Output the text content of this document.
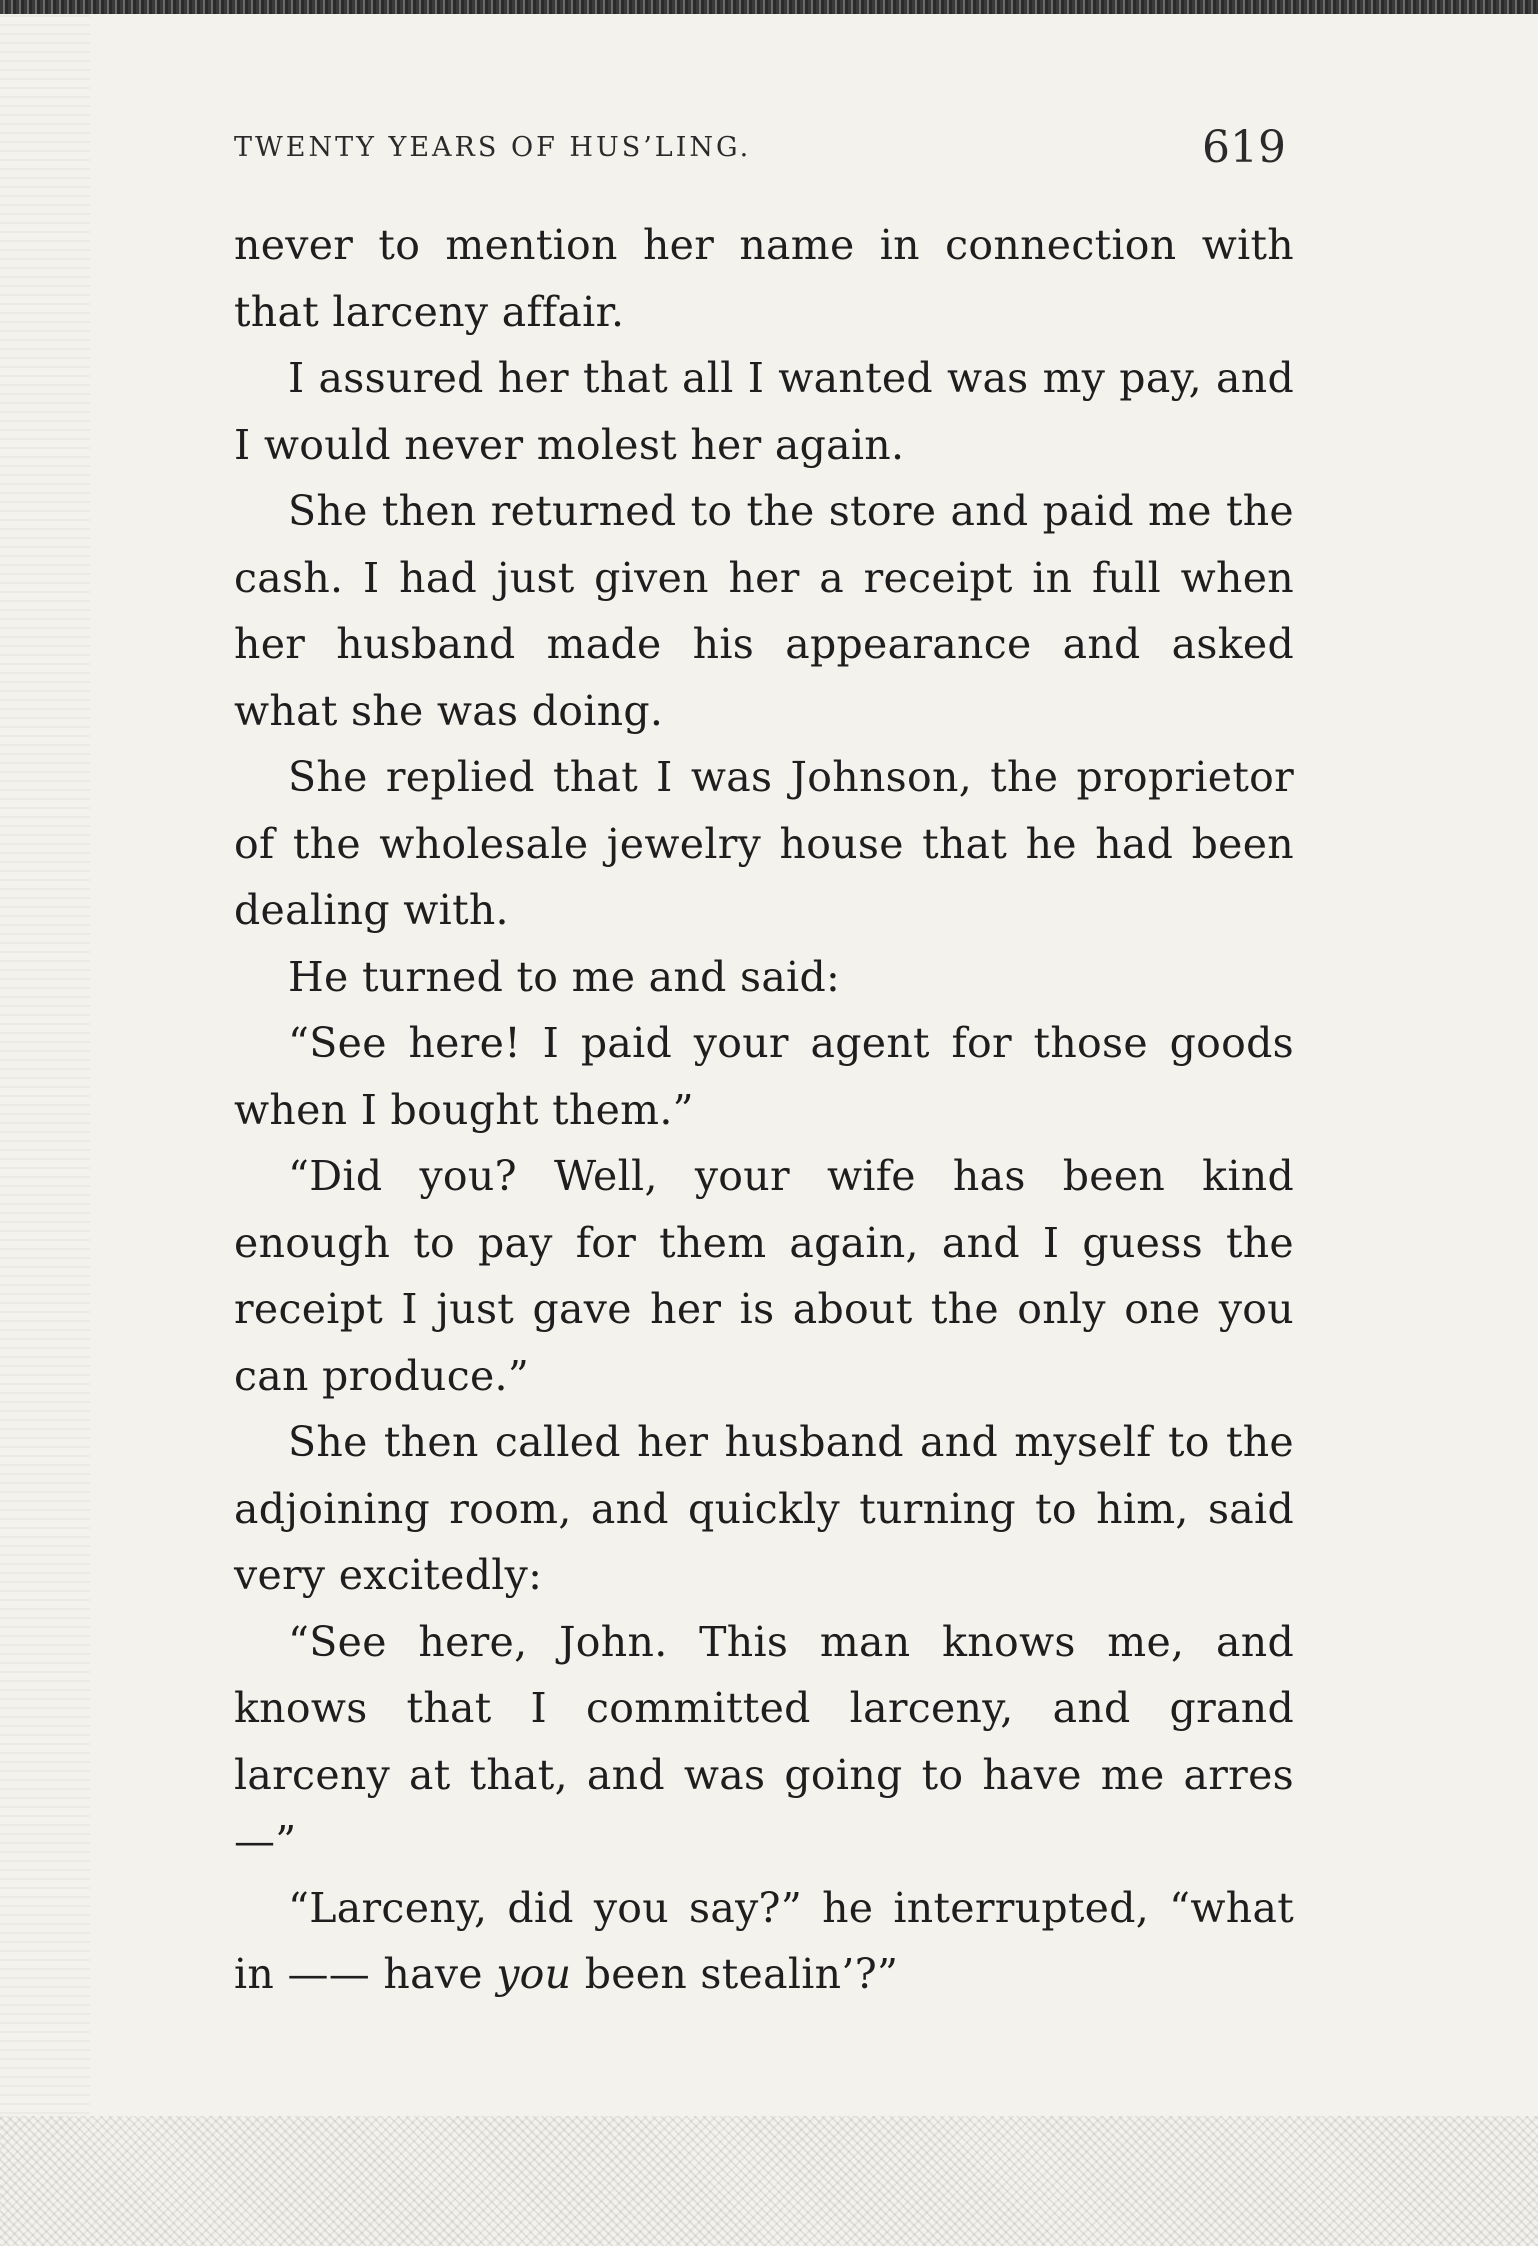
TWENTY YEARS OF HUS’LING.	619

never to mention her name in connection with that larceny affair.

I assured her that all I wanted was my pay, and I would never molest her again.

She then returned to the store and paid me the cash. I had just given her a receipt in full when her husband made his appearance and asked what she was doing.

She replied that I was Johnson, the proprietor of the wholesale jewelry house that he had been dealing with.

He turned to me and said:

“See here! I paid your agent for those goods when I bought them.”

“Did you? Well, your wife has been kind enough to pay for them again, and I guess the receipt I just gave her is about the only one you can produce.”

She then called her husband and myself to the adjoining room, and quickly turning to him, said very excitedly:

“See here, John. This man knows me, and knows that I committed larceny, and grand larceny at that, and was going to have me arres—”

“Larceny, did you say?” he interrupted, “what in —— have you been stealin’?”
